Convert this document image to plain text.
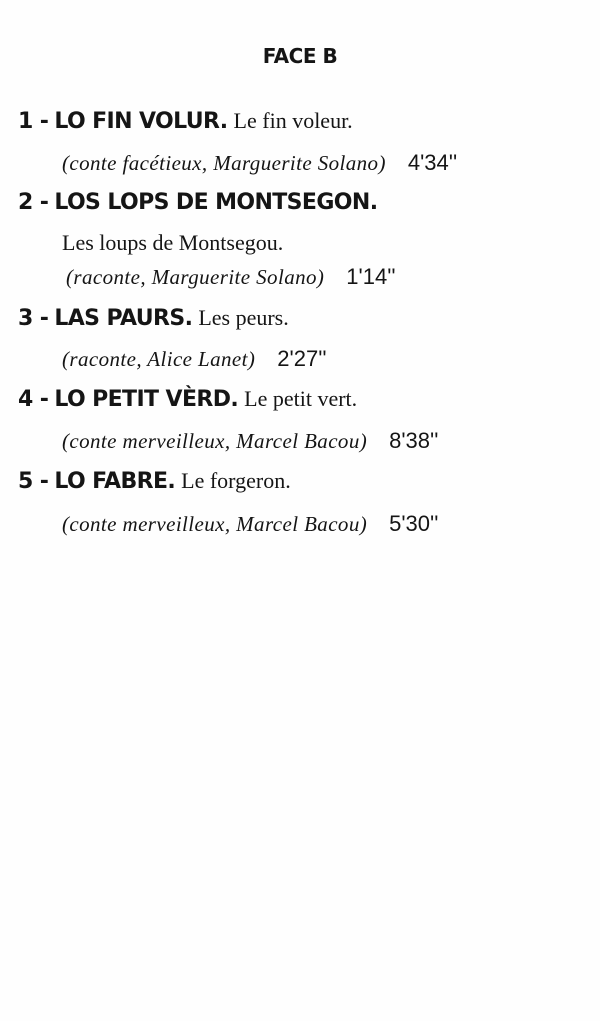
FACE B
1 - LO FIN VOLUR. Le fin voleur.
(conte facétieux, Marguerite Solano) 4'34''
2 - LOS LOPS DE MONTSEGON.
Les loups de Montsegou.
(raconte, Marguerite Solano) 1'14''
3 - LAS PAURS. Les peurs.
(raconte, Alice Lanet) 2'27''
4 - LO PETIT VÈRD. Le petit vert.
(conte merveilleux, Marcel Bacou) 8'38''
5 - LO FABRE. Le forgeron.
(conte merveilleux, Marcel Bacou) 5'30''
